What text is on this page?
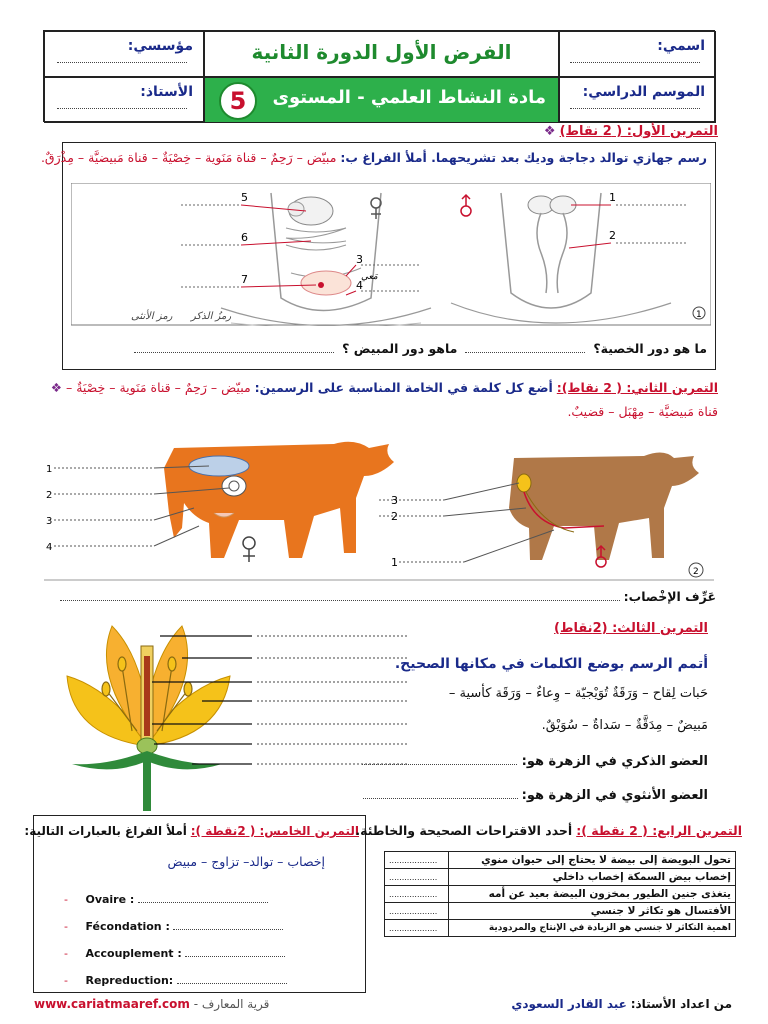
مؤسسي:
الأستاذ:
الفرض الأول الدورة الثانية
مادة النشاط العلمي - المستوى
5
اسمي:
الموسم الدراسي:
التمرين الأول: ( 2 نقاط) ❖
رسم جهازي توالد دجاجة وديك بعد تشريحهما. أملأ الفراغ ب: مبيّض – رَحِمٌ – قناة مَنَوية – خِصْيَةٌ – قناة مَبيضيَّة – مِذْرَقٌ.
5
6
7
3
4
مَعي
1
2
رمزُ الذكر
رمز الأنثى	1
ما هو دور الخصية؟  ماهو دور المبيض ؟
التمرين الثاني: ( 2 نقاط): أضع كل كلمة في الخامة المناسبة على الرسمين: مبيّض – رَحِمٌ – قناة مَنَوية – خِصْيَةٌ – ❖
قناة مَبيضيَّة – مِهْبَل – قضيبٌ.
1
2
3
4
3
2
1
2
عَرِّف الإخْصاب:
التمرين الثالث: (2نقاط)
أتمم الرسم بوضع الكلمات في مكانها الصحيح.
حَبات لِقاح – وَرَقَةٌ تُوَيْجيّة – وِعاءٌ – وَرَقَة كأسية –
مَبيضٌ – مِدَقَّةٌ – سَداةٌ – سُوَيْقٌ.
العضو الذكري في الزهرة هو:
العضو الأنثوي في الزهرة هو:
التمرين الخامس: ( 2نقطة ): أملأ الفراغ بالعبارات التالية:
إخصاب – توالد– تزاوج – مبيض
- Ovaire :
- Fécondation :
- Accouplement :
- Repreduction:
التمرين الرابع: ( 2 نقطة ): أحدد الاقتراحات الصحيحة والخاطئة.
...................	تحول البويضة إلى بيضة لا يحتاج إلى حيوان منوي
...................	إخصاب بيض السمكة إخصاب داخلي
...................	يتغذى جنين الطيور بمخزون البيضة بعيد عن أمه
...................	الأفتسال هو تكاثر لا جنسي
...................	اهمية التكاثر لا جنسي هو الزيادة في الإنتاج والمردودية
www.cariatmaaref.com - قرية المعارف	من اعداد الأستاذ: عبد القادر السعودي
